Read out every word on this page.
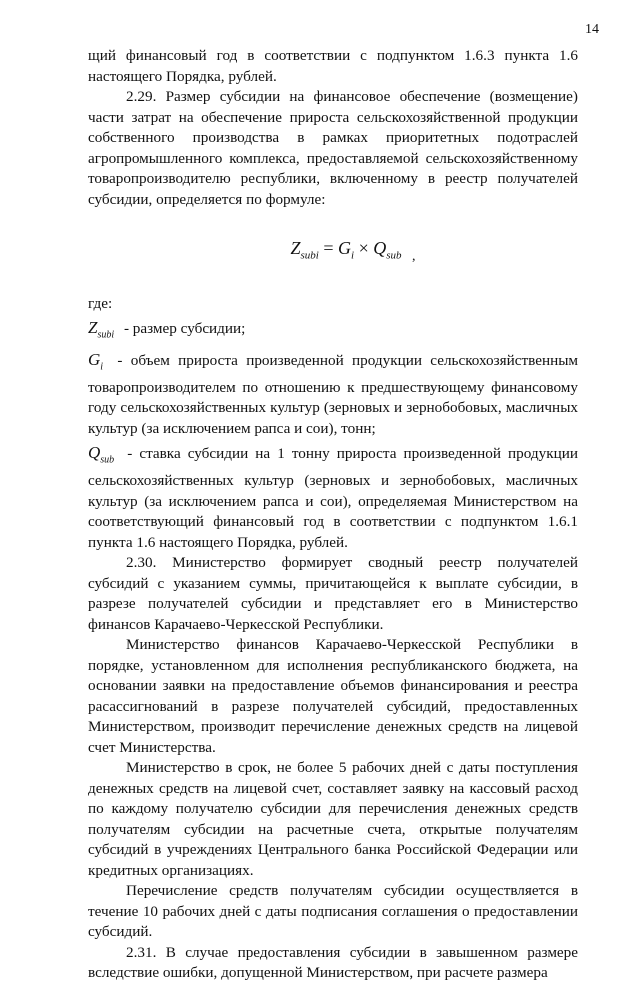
14

щий финансовый год в соответствии с подпунктом 1.6.3 пункта 1.6 настоящего Порядка, рублей.

2.29. Размер субсидии на финансовое обеспечение (возмещение) части затрат на обеспечение прироста сельскохозяйственной продукции собственного производства в рамках приоритетных подотраслей агропромышленного комплекса, предоставляемой сельскохозяйственному товаропроизводителю республики, включенному в реестр получателей субсидии, определяется по формуле:

$Z_{subi} = G_i \times Q_{sub}$ $_,$

где:

$Z_{subi}$ - размер субсидии;

$G_i$ - объем прироста произведенной продукции сельскохозяйственным товаропроизводителем по отношению к предшествующему финансовому году сельскохозяйственных культур (зерновых и зернобобовых, масличных культур (за исключением рапса и сои), тонн;

$Q_{sub}$ - ставка субсидии на 1 тонну прироста произведенной продукции сельскохозяйственных культур (зерновых и зернобобовых, масличных культур (за исключением рапса и сои), определяемая Министерством на соответствующий финансовый год в соответствии с подпунктом 1.6.1 пункта 1.6 настоящего Порядка, рублей.

2.30. Министерство формирует сводный реестр получателей субсидий с указанием суммы, причитающейся к выплате субсидии, в разрезе получателей субсидии и представляет его в Министерство финансов Карачаево-Черкесской Республики.

Министерство финансов Карачаево-Черкесской Республики в порядке, установленном для исполнения республиканского бюджета, на основании заявки на предоставление объемов финансирования и реестра расассигнований в разрезе получателей субсидий, предоставленных Министерством, производит перечисление денежных средств на лицевой счет Министерства.

Министерство в срок, не более 5 рабочих дней с даты поступления денежных средств на лицевой счет, составляет заявку на кассовый расход по каждому получателю субсидии для перечисления денежных средств получателям субсидии на расчетные счета, открытые получателям субсидий в учреждениях Центрального банка Российской Федерации или кредитных организациях.

Перечисление средств получателям субсидии осуществляется в течение 10 рабочих дней с даты подписания соглашения о предоставлении субсидий.

2.31. В случае предоставления субсидии в завышенном размере вследствие ошибки, допущенной Министерством, при расчете размера
